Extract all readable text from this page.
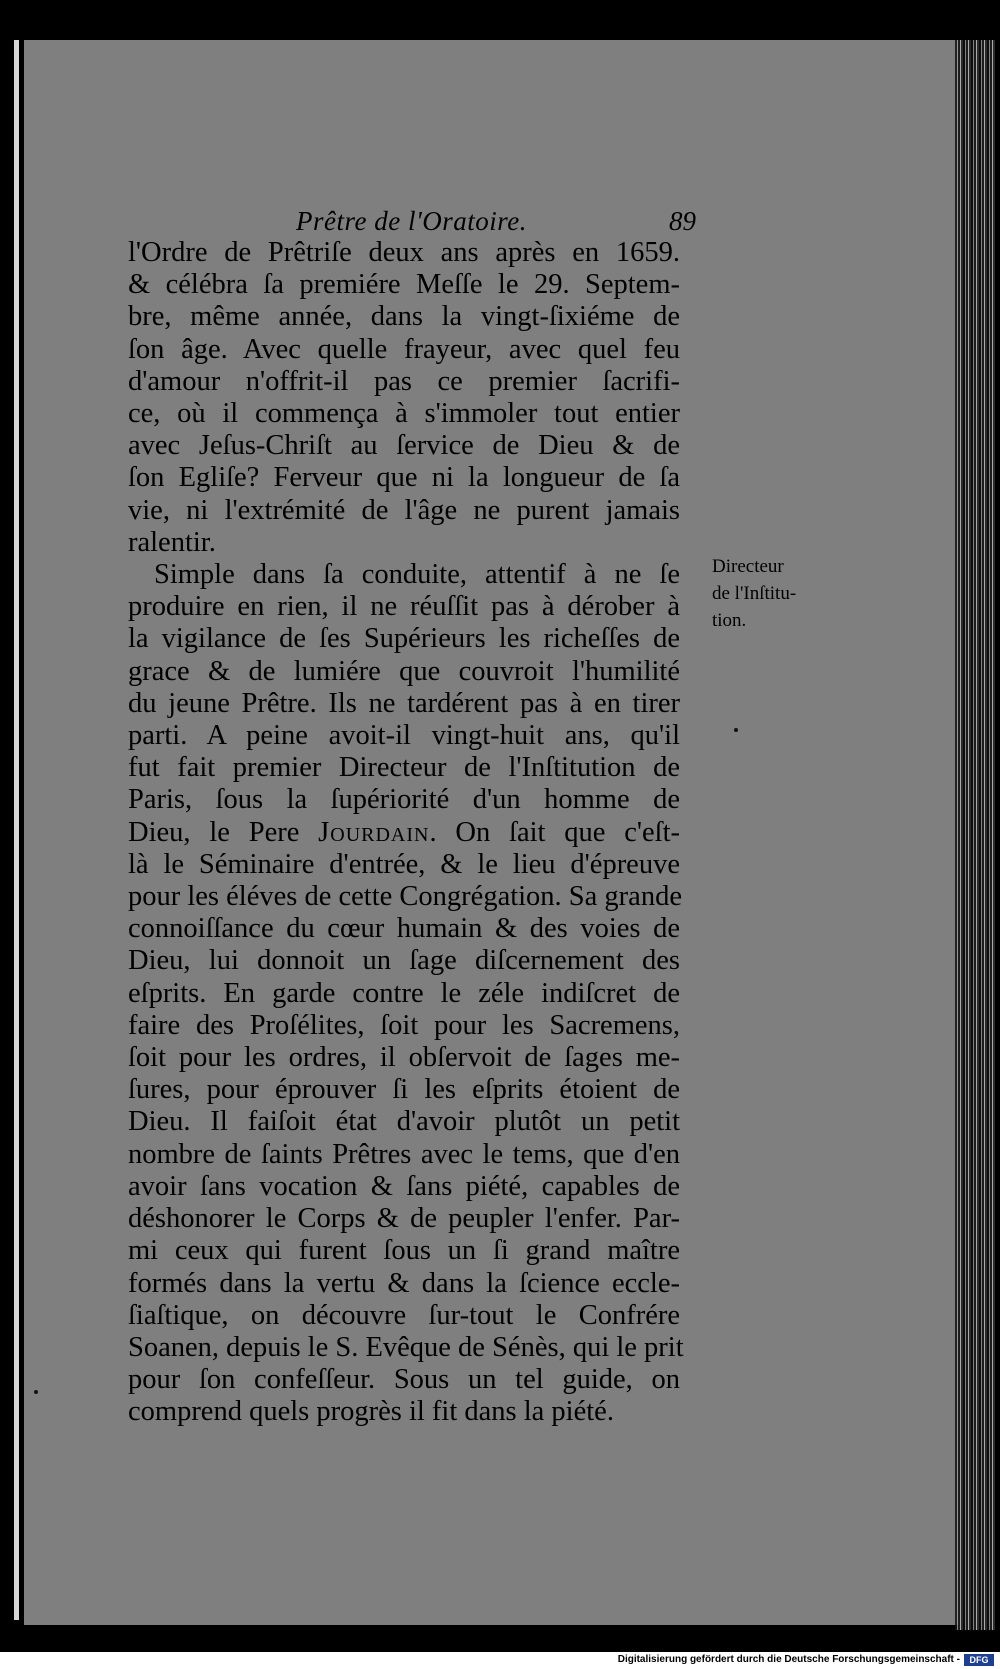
Prêtre de l'Oratoire.	89
l'Ordre de Prêtriſe deux ans après en 1659.
& célébra ſa premiére Meſſe le 29. Septem-
bre, même année, dans la vingt-ſixiéme de
ſon âge. Avec quelle frayeur, avec quel feu
d'amour n'offrit-il pas ce premier ſacrifi-
ce, où il commença à s'immoler tout entier
avec Jeſus-Chriſt au ſervice de Dieu & de
ſon Egliſe? Ferveur que ni la longueur de ſa
vie, ni l'extrémité de l'âge ne purent jamais
ralentir.
Simple dans ſa conduite, attentif à ne ſe
produire en rien, il ne réuſſit pas à dérober à
la vigilance de ſes Supérieurs les richeſſes de
grace & de lumiére que couvroit l'humilité
du jeune Prêtre. Ils ne tardérent pas à en tirer
parti. A peine avoit-il vingt-huit ans, qu'il
fut fait premier Directeur de l'Inſtitution de
Paris, ſous la ſupériorité d'un homme de
Dieu, le Pere Jourdain. On ſait que c'eſt-
là le Séminaire d'entrée, & le lieu d'épreuve
pour les éléves de cette Congrégation. Sa grande
connoiſſance du cœur humain & des voies de
Dieu, lui donnoit un ſage diſcernement des
eſprits. En garde contre le zéle indiſcret de
faire des Proſélites, ſoit pour les Sacremens,
ſoit pour les ordres, il obſervoit de ſages me-
ſures, pour éprouver ſi les eſprits étoient de
Dieu. Il faiſoit état d'avoir plutôt un petit
nombre de ſaints Prêtres avec le tems, que d'en
avoir ſans vocation & ſans piété, capables de
déshonorer le Corps & de peupler l'enfer. Par-
mi ceux qui furent ſous un ſi grand maître
formés dans la vertu & dans la ſcience eccle-
ſiaſtique, on découvre ſur-tout le Confrére
Soanen, depuis le S. Evêque de Sénès, qui le prit
pour ſon confeſſeur. Sous un tel guide, on
comprend quels progrès il fit dans la piété.
Directeur
de l'Inſtitu-
tion.
Digitalisierung gefördert durch die Deutsche Forschungsgemeinschaft -	DFG
